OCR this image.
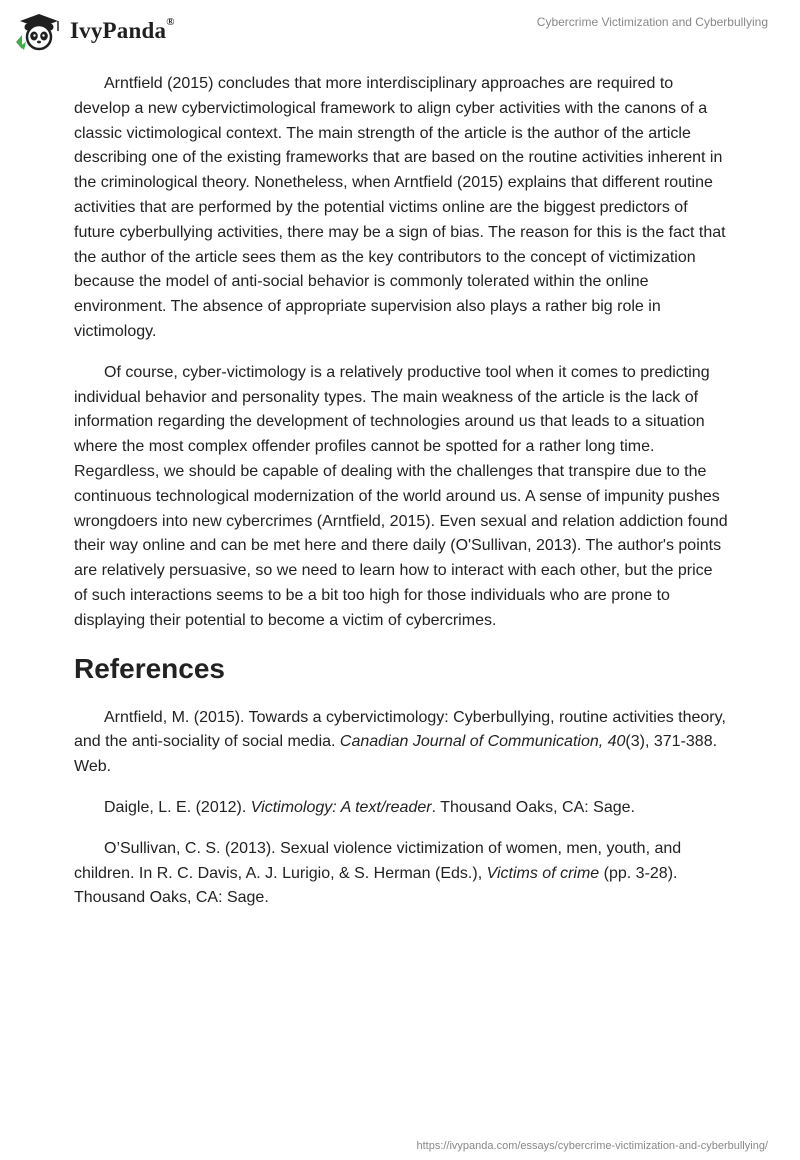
IvyPanda®	Cybercrime Victimization and Cyberbullying

Arntfield (2015) concludes that more interdisciplinary approaches are required to develop a new cybervictimological framework to align cyber activities with the canons of a classic victimological context. The main strength of the article is the author of the article describing one of the existing frameworks that are based on the routine activities inherent in the criminological theory. Nonetheless, when Arntfield (2015) explains that different routine activities that are performed by the potential victims online are the biggest predictors of future cyberbullying activities, there may be a sign of bias. The reason for this is the fact that the author of the article sees them as the key contributors to the concept of victimization because the model of anti-social behavior is commonly tolerated within the online environment. The absence of appropriate supervision also plays a rather big role in victimology.

Of course, cyber-victimology is a relatively productive tool when it comes to predicting individual behavior and personality types. The main weakness of the article is the lack of information regarding the development of technologies around us that leads to a situation where the most complex offender profiles cannot be spotted for a rather long time. Regardless, we should be capable of dealing with the challenges that transpire due to the continuous technological modernization of the world around us. A sense of impunity pushes wrongdoers into new cybercrimes (Arntfield, 2015). Even sexual and relation addiction found their way online and can be met here and there daily (O'Sullivan, 2013). The author's points are relatively persuasive, so we need to learn how to interact with each other, but the price of such interactions seems to be a bit too high for those individuals who are prone to displaying their potential to become a victim of cybercrimes.

References

Arntfield, M. (2015). Towards a cybervictimology: Cyberbullying, routine activities theory, and the anti-sociality of social media. Canadian Journal of Communication, 40(3), 371-388. Web.

Daigle, L. E. (2012). Victimology: A text/reader. Thousand Oaks, CA: Sage.

O’Sullivan, C. S. (2013). Sexual violence victimization of women, men, youth, and children. In R. C. Davis, A. J. Lurigio, & S. Herman (Eds.), Victims of crime (pp. 3-28). Thousand Oaks, CA: Sage.

https://ivypanda.com/essays/cybercrime-victimization-and-cyberbullying/
